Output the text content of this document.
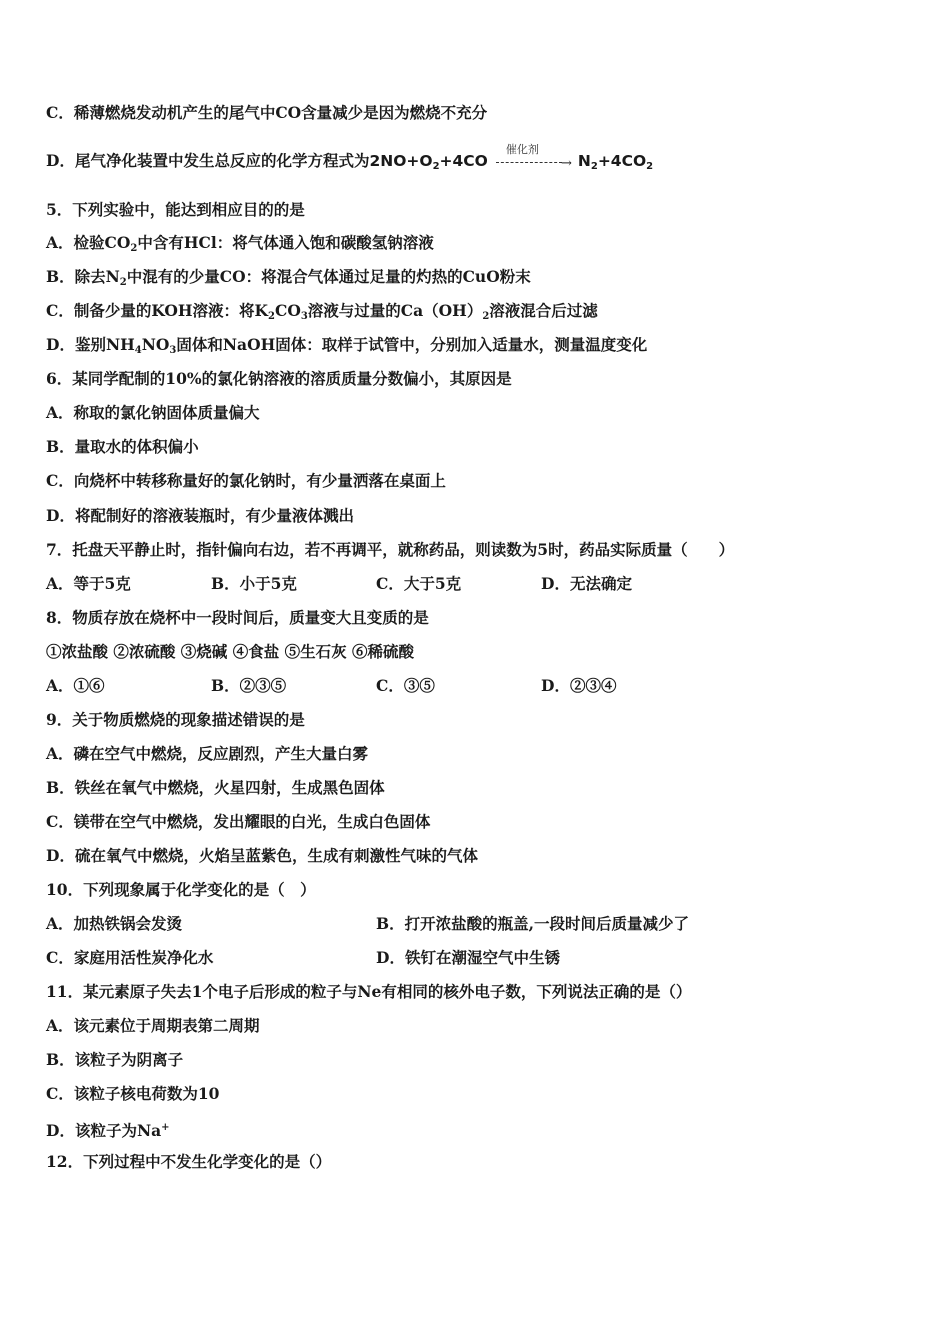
C．稀薄燃烧发动机产生的尾气中CO含量减少是因为燃烧不充分
D．尾气净化装置中发生总反应的化学方程式为$2NO+O_2+4CO$
催化剂
→ $N_2+4CO_2$
5．下列实验中，能达到相应目的的是
A．检验$CO_2$中含有HCl：将气体通入饱和碳酸氢钠溶液
B．除去$N_2$中混有的少量CO：将混合气体通过足量的灼热的CuO粉末
C．制备少量的KOH溶液：将$K_2CO_3$溶液与过量的$Ca(OH)_2$溶液混合后过滤
D．鉴别$NH_4NO_3$固体和NaOH固体：取样于试管中，分别加入适量水，测量温度变化
6．某同学配制的10%的氯化钠溶液的溶质质量分数偏小，其原因是
A．称取的氯化钠固体质量偏大
B．量取水的体积偏小
C．向烧杯中转移称量好的氯化钠时，有少量洒落在桌面上
D．将配制好的溶液装瓶时，有少量液体溅出
7．托盘天平静止时，指针偏向右边，若不再调平，就称药品，则读数为5时，药品实际质量（　　）
A．等于5克	B．小于5克	C．大于5克	D．无法确定
8．物质存放在烧杯中一段时间后，质量变大且变质的是
①浓盐酸 ②浓硫酸 ③烧碱 ④食盐 ⑤生石灰 ⑥稀硫酸
A．①⑥	B．②③⑤	C．③⑤	D．②③④
9．关于物质燃烧的现象描述错误的是
A．磷在空气中燃烧，反应剧烈，产生大量白雾
B．铁丝在氧气中燃烧，火星四射，生成黑色固体
C．镁带在空气中燃烧，发出耀眼的白光，生成白色固体
D．硫在氧气中燃烧，火焰呈蓝紫色，生成有刺激性气味的气体
10．下列现象属于化学变化的是（　）
A．加热铁锅会发烫	B．打开浓盐酸的瓶盖,一段时间后质量减少了
C．家庭用活性炭净化水	D．铁钉在潮湿空气中生锈
11．某元素原子失去1个电子后形成的粒子与Ne有相同的核外电子数，下列说法正确的是（）
A．该元素位于周期表第二周期
B．该粒子为阴离子
C．该粒子核电荷数为10
D．该粒子为Na+
12．下列过程中不发生化学变化的是（）
